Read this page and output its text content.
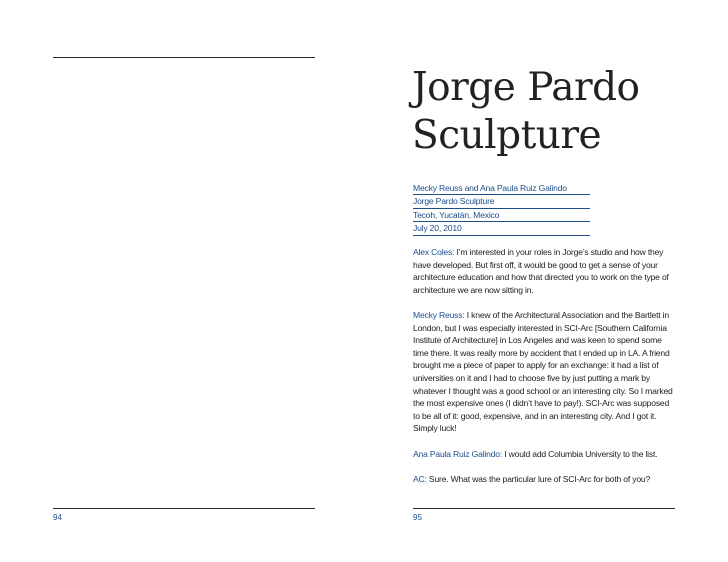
94
Jorge Pardo
Sculpture
Mecky Reuss and Ana Paula Ruiz Galindo
Jorge Pardo Sculpture
Tecoh, Yucatán, Mexico
July 20, 2010

Alex Coles: I’m interested in your roles in Jorge’s studio and how they have developed. But first off, it would be good to get a sense of your architecture education and how that directed you to work on the type of architecture we are now sitting in.

Mecky Reuss: I knew of the Architectural Association and the Bartlett in London, but I was especially interested in SCI-Arc [Southern California Institute of Architecture] in Los Angeles and was keen to spend some time there. It was really more by accident that I ended up in LA. A friend brought me a piece of paper to apply for an exchange: it had a list of universities on it and I had to choose five by just putting a mark by whatever I thought was a good school or an interesting city. So I marked the most expensive ones (I didn’t have to pay!). SCI-Arc was supposed to be all of it: good, expensive, and in an interesting city. And I got it. Simply luck!

Ana Paula Ruiz Galindo: I would add Columbia University to the list.

AC: Sure. What was the particular lure of SCI-Arc for both of you?

95
